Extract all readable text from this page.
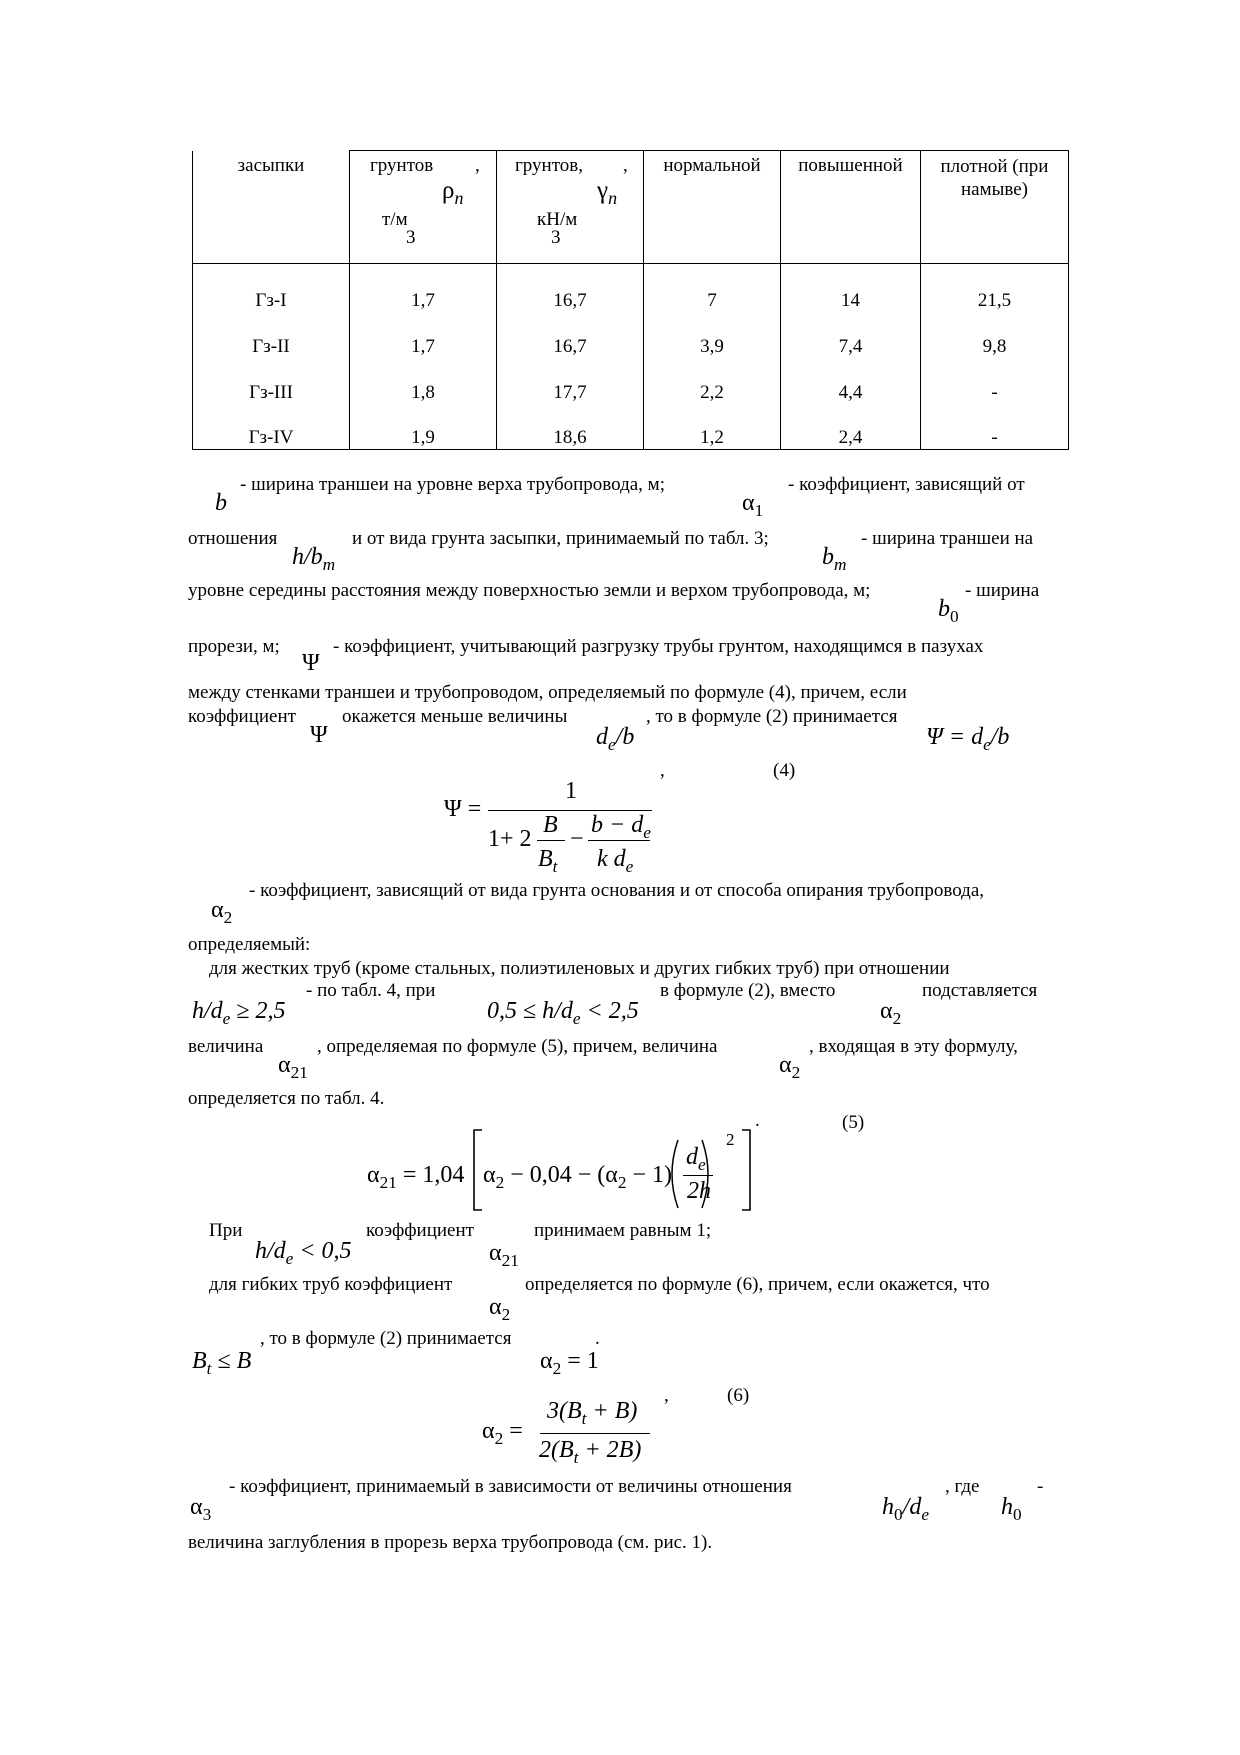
засыпки	грунтов ,
$\rho_n$
т/м
3	грунтов, ,
$\gamma_n$
кН/м
3	нормальной	повышенной	плотной (при намыве)

Гз-I	1,7	16,7	7	14	21,5
Гз-II	1,7	16,7	3,9	7,4	9,8
Гз-III	1,8	17,7	2,2	4,4	-
Гз-IV	1,9	18,6	1,2	2,4	-
- ширина траншеи на уровне верха трубопровода, м;	- коэффициент, зависящий от
b	$\alpha_1$
отношения	и от вида грунта засыпки, принимаемый по табл. 3;	- ширина траншеи на
$h/b_m$	$b_m$
уровне середины расстояния между поверхностью земли и верхом трубопровода, м;	- ширина
$b_0$
прорези, м;	- коэффициент, учитывающий разгрузку трубы грунтом, находящимся в пазухах
Ψ
между стенками траншеи и трубопроводом, определяемый по формуле (4), причем, если
коэффициент окажется меньше величины	, то в формуле (2) принимается
Ψ	$d_e/b$	$\Psi = d_e/b$
,	(4)
Ψ =
1
1+ 2
B
$B_t$
−
$b - d_e$
k $d_e$
- коэффициент, зависящий от вида грунта основания и от способа опирания трубопровода,
$\alpha_2$
определяемый:
для жестких труб (кроме стальных, полиэтиленовых и других гибких труб) при отношении
- по табл. 4, при	в формуле (2), вместо	подставляется
$h/d_e \ge 2,5$	$0,5 \le h/d_e < 2,5$	$\alpha_2$
величина	, определяемая по формуле (5), причем, величина	, входящая в эту формулу,
$\alpha_{21}$	$\alpha_2$
определяется по табл. 4.
.	(5)
$\alpha_{21} = 1,04$ $\alpha_2 - 0,04 - (\alpha_2 - 1)$
$d_e$
2h
2
При	коэффициент	принимаем равным 1;
$h/d_e < 0,5$	$\alpha_{21}$
для гибких труб коэффициент	определяется по формуле (6), причем, если окажется, что
$\alpha_2$
, то в формуле (2) принимается	.
$B_t \le B$	$\alpha_2 = 1$
,	(6)
$\alpha_2$ =
$3(B_t + B)$
$2(B_t + 2B)$
- коэффициент, принимаемый в зависимости от величины отношения	, где	-
$\alpha_3$	$h_0/d_e$	$h_0$
величина заглубления в прорезь верха трубопровода (см. рис. 1).
